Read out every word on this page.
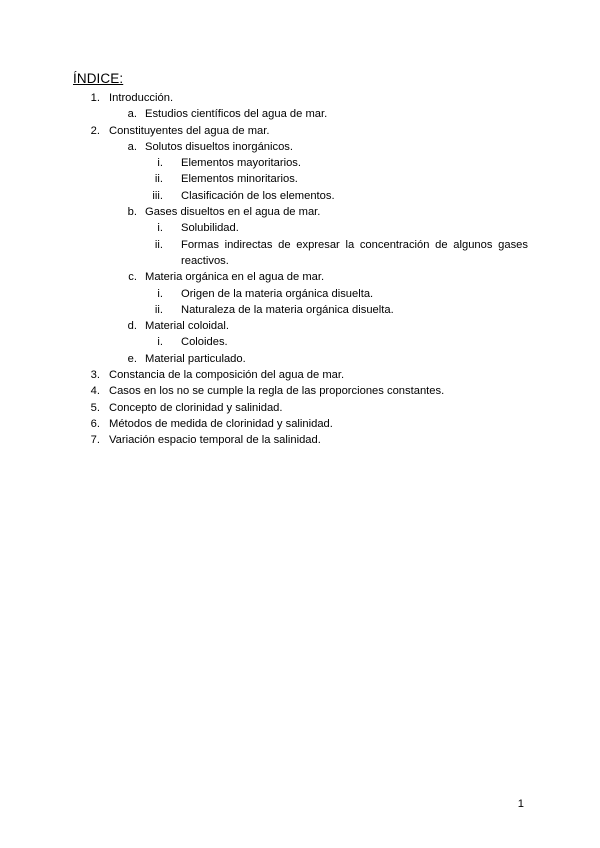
ÍNDICE:
1. Introducción.
a. Estudios científicos del agua de mar.
2. Constituyentes del agua de mar.
a. Solutos disueltos inorgánicos.
i. Elementos mayoritarios.
ii. Elementos minoritarios.
iii. Clasificación de los elementos.
b. Gases disueltos en el agua de mar.
i. Solubilidad.
ii. Formas indirectas de expresar la concentración de algunos gases reactivos.
c. Materia orgánica en el agua de mar.
i. Origen de la materia orgánica disuelta.
ii. Naturaleza de la materia orgánica disuelta.
d. Material coloidal.
i. Coloides.
e. Material particulado.
3. Constancia de la composición del agua de mar.
4. Casos en los no se cumple la regla de las proporciones constantes.
5. Concepto de clorinidad y salinidad.
6. Métodos de medida de clorinidad y salinidad.
7. Variación espacio temporal de la salinidad.
1
